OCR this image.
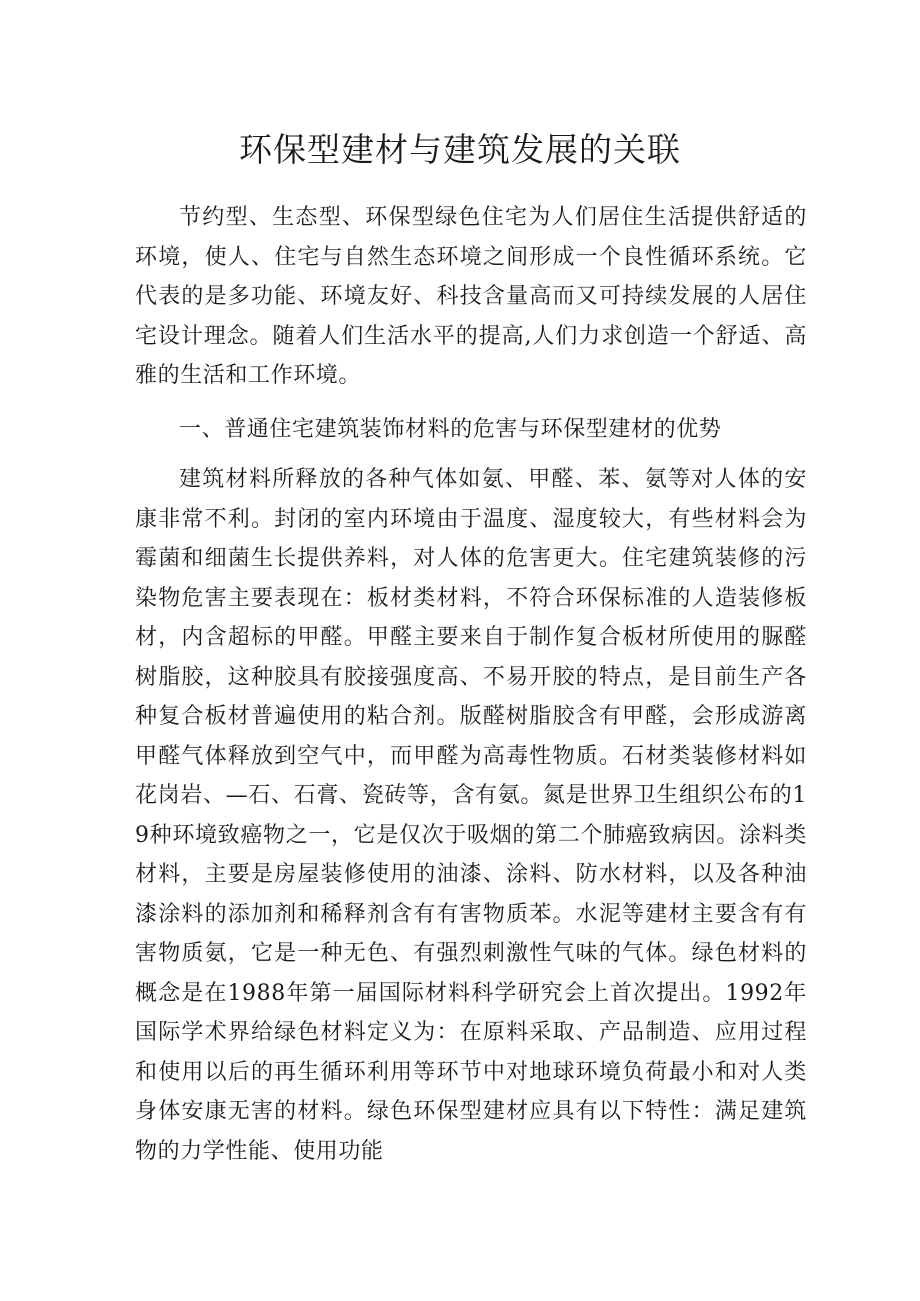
环保型建材与建筑发展的关联

节约型、生态型、环保型绿色住宅为人们居住生活提供舒适的环境，使人、住宅与自然生态环境之间形成一个良性循环系统。它代表的是多功能、环境友好、科技含量高而又可持续发展的人居住宅设计理念。随着人们生活水平的提高,人们力求创造一个舒适、高雅的生活和工作环境。

一、普通住宅建筑装饰材料的危害与环保型建材的优势

建筑材料所释放的各种气体如氨、甲醛、苯、氨等对人体的安康非常不利。封闭的室内环境由于温度、湿度较大，有些材料会为霉菌和细菌生长提供养料，对人体的危害更大。住宅建筑装修的污染物危害主要表现在：板材类材料，不符合环保标准的人造装修板材，内含超标的甲醛。甲醛主要来自于制作复合板材所使用的脲醛树脂胶，这种胶具有胶接强度高、不易开胶的特点，是目前生产各种复合板材普遍使用的粘合剂。版醛树脂胶含有甲醛，会形成游离甲醛气体释放到空气中，而甲醛为高毒性物质。石材类装修材料如花岗岩、—石、石膏、瓷砖等，含有氨。氮是世界卫生组织公布的19种环境致癌物之一，它是仅次于吸烟的第二个肺癌致病因。涂料类材料，主要是房屋装修使用的油漆、涂料、防水材料，以及各种油漆涂料的添加剂和稀释剂含有有害物质苯。水泥等建材主要含有有害物质氨，它是一种无色、有强烈刺激性气味的气体。绿色材料的概念是在1988年第一届国际材料科学研究会上首次提出。1992年国际学术界给绿色材料定义为：在原料采取、产品制造、应用过程和使用以后的再生循环利用等环节中对地球环境负荷最小和对人类身体安康无害的材料。绿色环保型建材应具有以下特性：满足建筑物的力学性能、使用功能
